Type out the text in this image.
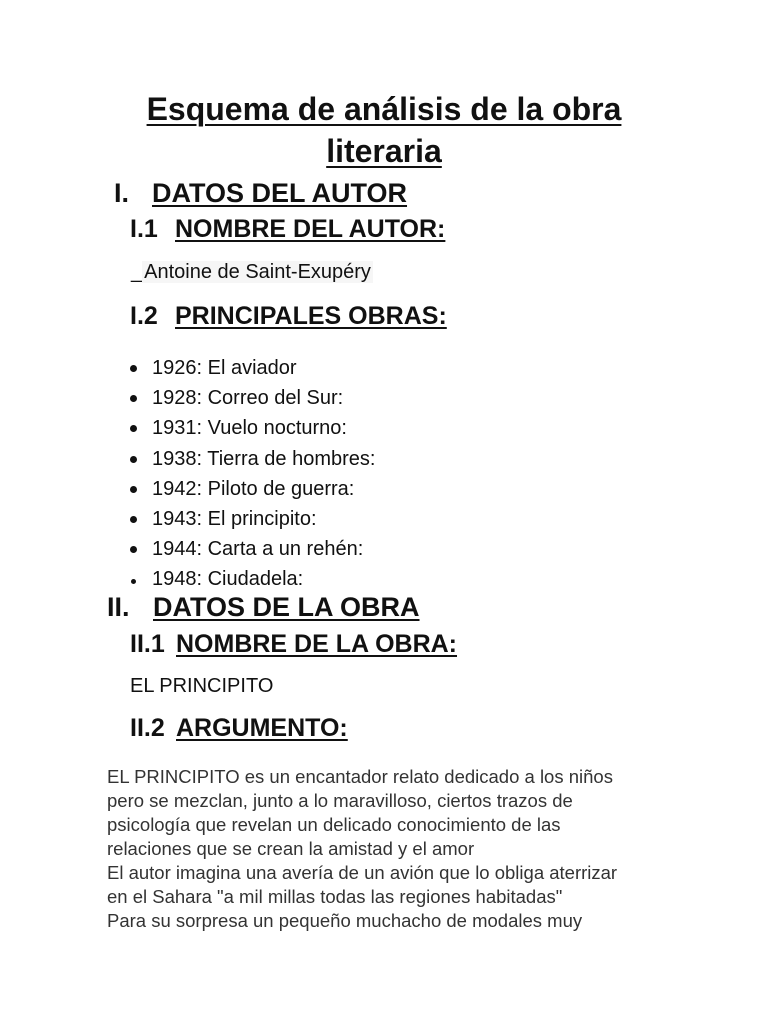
Esquema de análisis de la obra
literaria
I. DATOS DEL AUTOR
I.1 NOMBRE DEL AUTOR:
_ Antoine de Saint-Exupéry
I.2 PRINCIPALES OBRAS:
1926: El aviador
1928: Correo del Sur:
1931: Vuelo nocturno:
1938: Tierra de hombres:
1942: Piloto de guerra:
1943: El principito:
1944: Carta a un rehén:
1948: Ciudadela:
II. DATOS DE LA OBRA
II.1 NOMBRE DE LA OBRA:
EL PRINCIPITO
II.2 ARGUMENTO:
EL PRINCIPITO es un encantador relato dedicado a los niños
pero se mezclan, junto a lo maravilloso, ciertos trazos de
psicología que revelan un delicado conocimiento de las
relaciones que se crean la amistad y el amor
El autor imagina una avería de un avión que lo obliga aterrizar
en el Sahara "a mil millas todas las regiones habitadas"
Para su sorpresa un pequeño muchacho de modales muy
